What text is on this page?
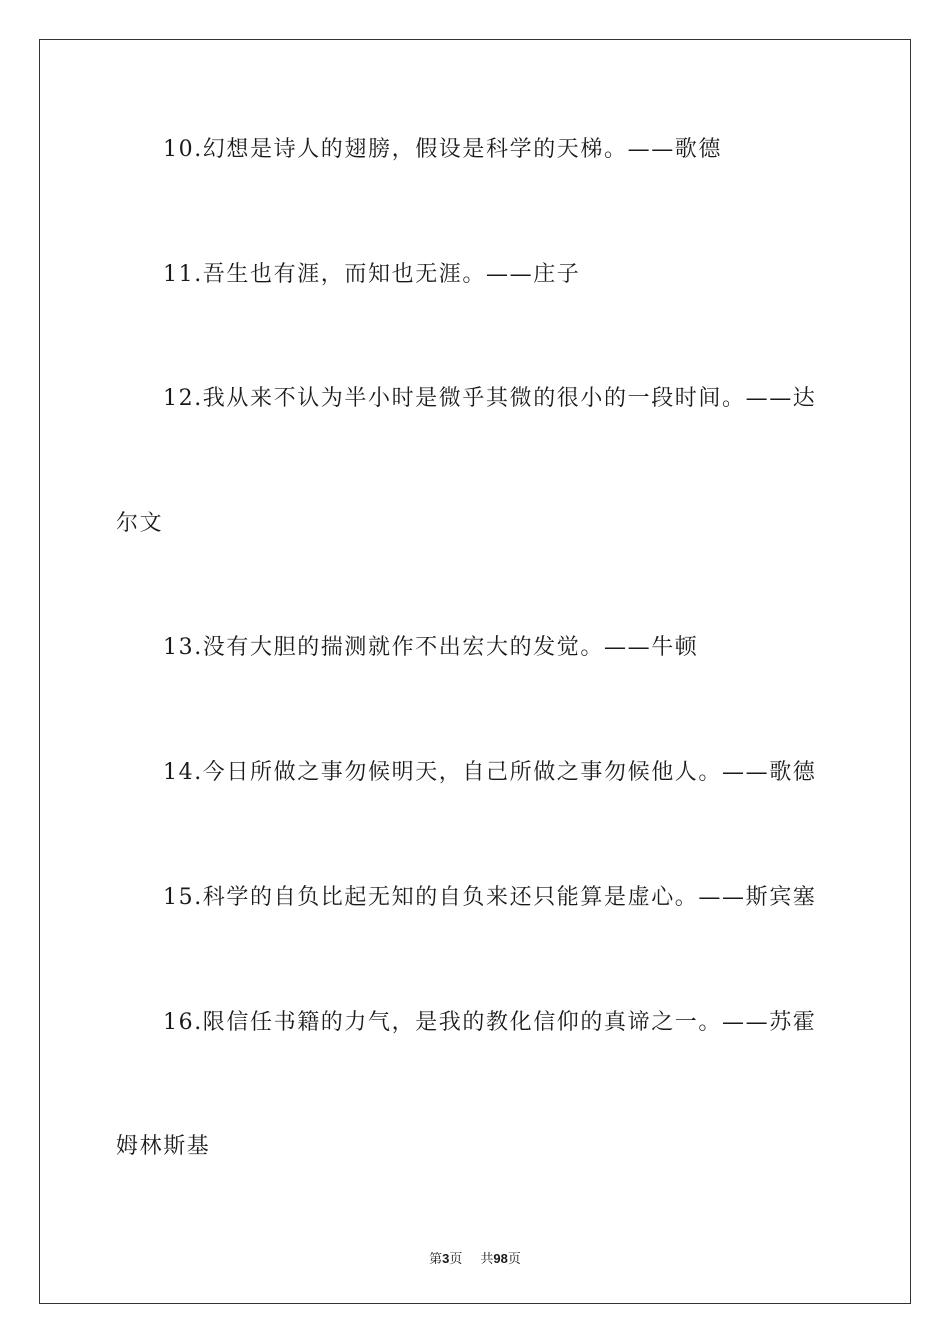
10.幻想是诗人的翅膀，假设是科学的天梯。——歌德
11.吾生也有涯，而知也无涯。——庄子
12.我从来不认为半小时是微乎其微的很小的一段时间。——达
尔文
13.没有大胆的揣测就作不出宏大的发觉。——牛顿
14.今日所做之事勿候明天，自己所做之事勿候他人。——歌德
15.科学的自负比起无知的自负来还只能算是虚心。——斯宾塞
16.限信任书籍的力气，是我的教化信仰的真谛之一。——苏霍
姆林斯基
第3页 共98页
